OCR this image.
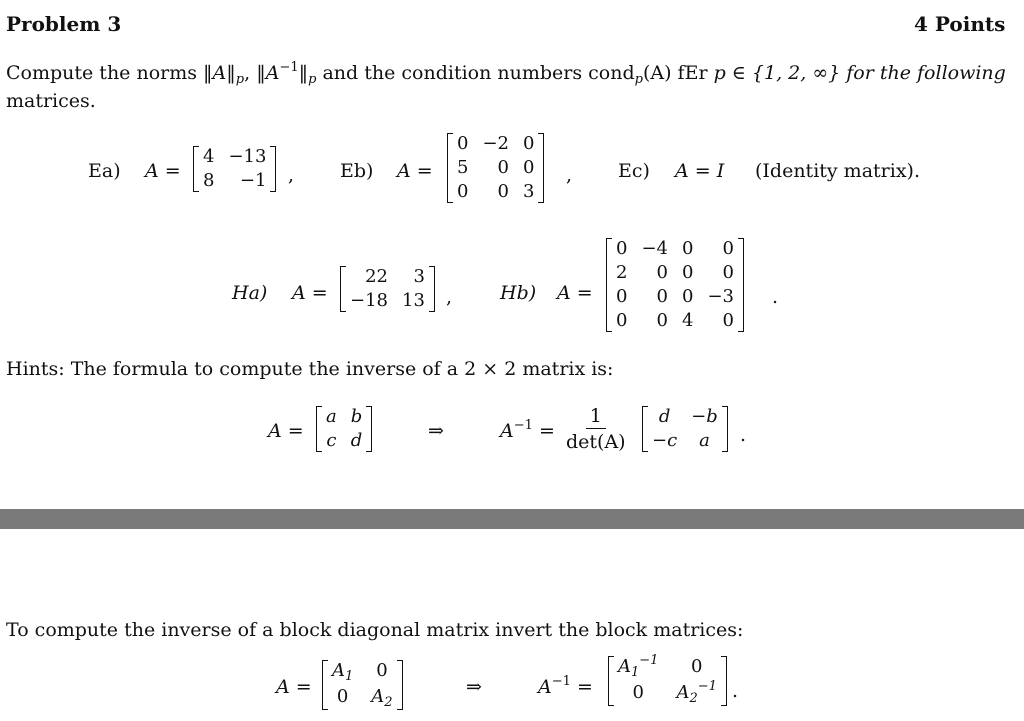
Problem 3	4 Points
Compute the norms $‖A‖_p$, $‖A^{-1}‖_p$ and the condition numbers cond$_p$(A) fEr p ∈ {1, 2, ∞} for the following
matrices.
Ea) A =
4 −13
8	−1 , Eb) A =
0 −2 0
5	0 0
0	0 3
, Ec) A = I (Identity matrix).
Ha) A =
22	3
−18 13 ,	Hb) A =
0 −4 0	0
2	0 0	0
0	0 0 −3
0	0 4	0
.
Hints: The formula to compute the inverse of a 2 × 2 matrix is:
A =
a b
c d	⇒	$A^{-1}$ =
1
det(A)
d	−b
−c	a	.
To compute the inverse of a block diagonal matrix invert the block matrices:
A =
$A_1$ 0
0 $A_2$
⇒	$A^{-1}$ =
$A_1^{-1}$	0
0	$A_2^{-1}$ .
